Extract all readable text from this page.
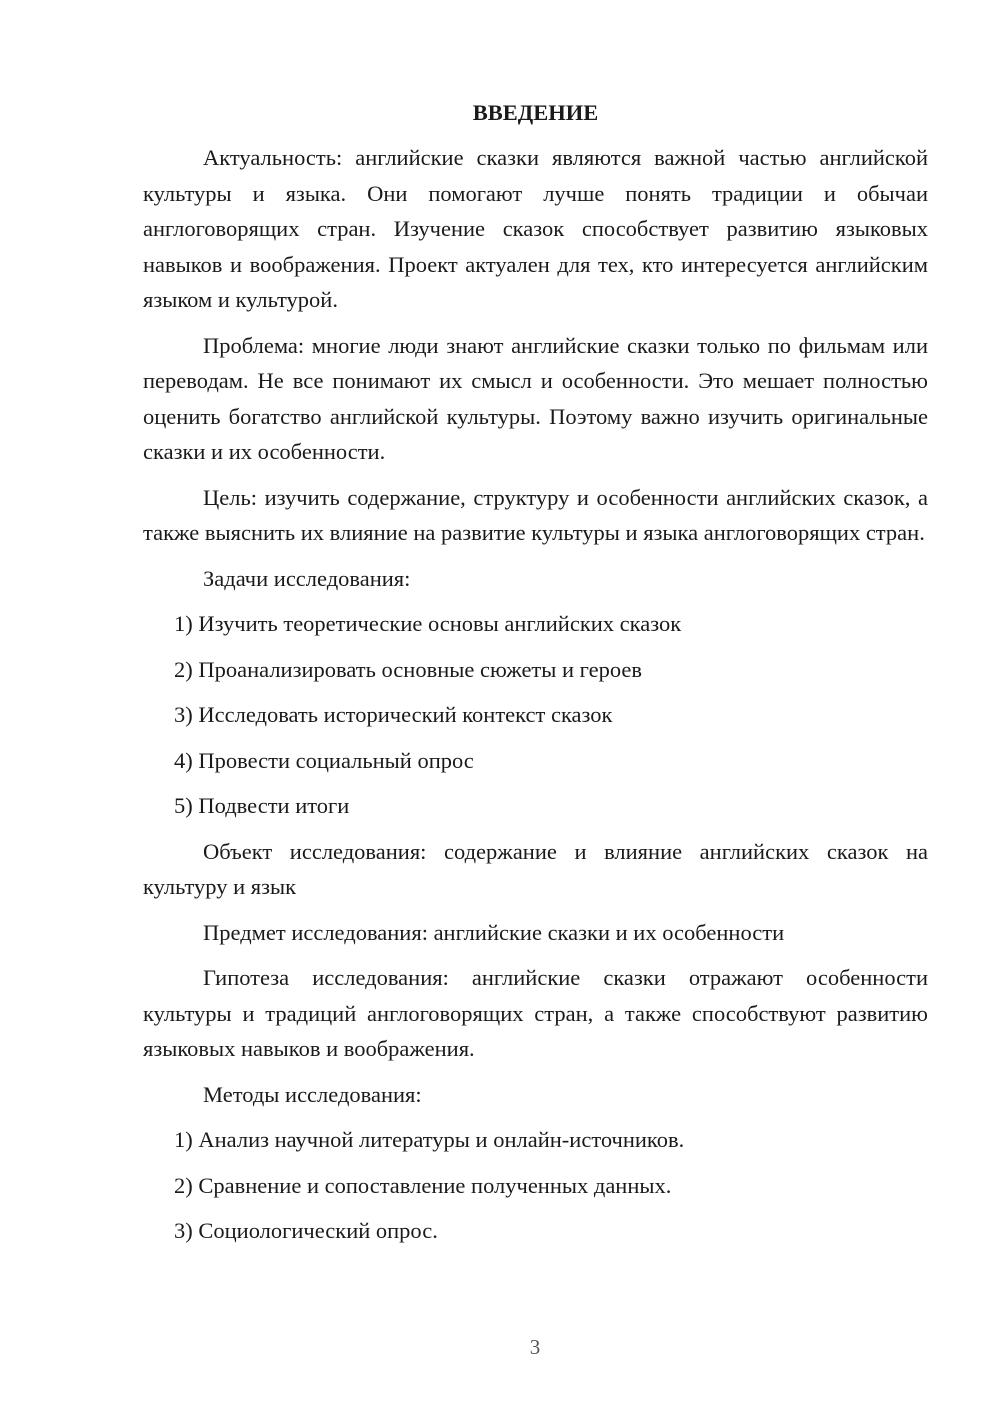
ВВЕДЕНИЕ
Актуальность: английские сказки являются важной частью английской культуры и языка. Они помогают лучше понять традиции и обычаи англоговорящих стран. Изучение сказок способствует развитию языковых навыков и воображения. Проект актуален для тех, кто интересуется английским языком и культурой.
Проблема: многие люди знают английские сказки только по фильмам или переводам. Не все понимают их смысл и особенности. Это мешает полностью оценить богатство английской культуры. Поэтому важно изучить оригинальные сказки и их особенности.
Цель: изучить содержание, структуру и особенности английских сказок, а также выяснить их влияние на развитие культуры и языка англоговорящих стран.
Задачи исследования:
1) Изучить теоретические основы английских сказок
2) Проанализировать основные сюжеты и героев
3) Исследовать исторический контекст сказок
4) Провести социальный опрос
5) Подвести итоги
Объект исследования: содержание и влияние английских сказок на культуру и язык
Предмет исследования: английские сказки и их особенности
Гипотеза исследования: английские сказки отражают особенности культуры и традиций англоговорящих стран, а также способствуют развитию языковых навыков и воображения.
Методы исследования:
1) Анализ научной литературы и онлайн-источников.
2) Сравнение и сопоставление полученных данных.
3) Социологический опрос.
3
